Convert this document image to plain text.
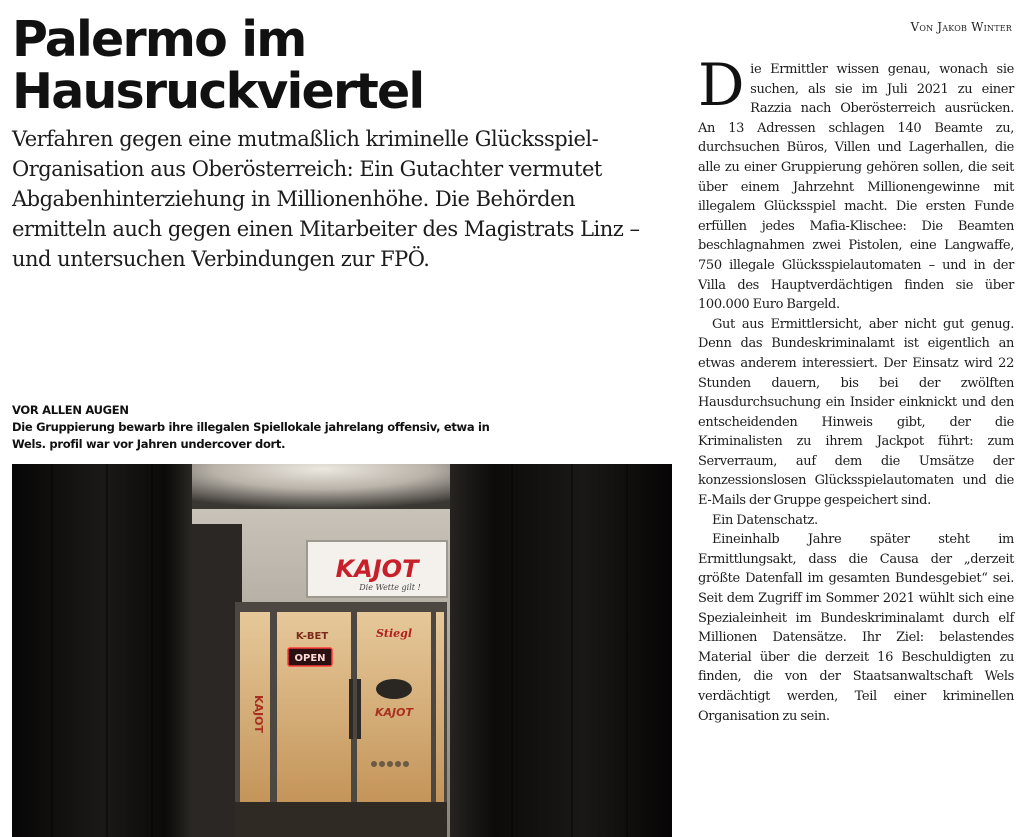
Palermo im
Hausruckviertel

Verfahren gegen eine mutmaßlich kriminelle Glücksspiel-Organisation aus Oberösterreich: Ein Gutachter vermutet Abgabenhinterziehung in Millionenhöhe. Die Behörden ermitteln auch gegen einen Mitarbeiter des Magistrats Linz – und untersuchen Verbindungen zur FPÖ.

VOR ALLEN AUGEN
Die Gruppierung bewarb ihre illegalen Spiellokale jahrelang offensiv, etwa in Wels. profil war vor Jahren undercover dort.
KAJOT
Die Wette gilt !
K-BET	Stiegl
OPEN
KAJOT
KAJOT
Von Jakob Winter

Die Ermittler wissen genau, wonach sie suchen, als sie im Juli 2021 zu einer Razzia nach Oberösterreich ausrücken. An 13 Adressen schlagen 140 Beamte zu, durchsuchen Büros, Villen und Lagerhallen, die alle zu einer Gruppierung gehören sollen, die seit über einem Jahrzehnt Millionengewinne mit illegalem Glücksspiel macht. Die ersten Funde erfüllen jedes Mafia-Klischee: Die Beamten beschlagnahmen zwei Pistolen, eine Langwaffe, 750 illegale Glücksspielautomaten – und in der Villa des Hauptverdächtigen finden sie über 100.000 Euro Bargeld.

Gut aus Ermittlersicht, aber nicht gut genug. Denn das Bundeskriminalamt ist eigentlich an etwas anderem interessiert. Der Einsatz wird 22 Stunden dauern, bis bei der zwölften Hausdurchsuchung ein Insider einknickt und den entscheidenden Hinweis gibt, der die Kriminalisten zu ihrem Jackpot führt: zum Serverraum, auf dem die Umsätze der konzessionslosen Glücksspielautomaten und die E-Mails der Gruppe gespeichert sind.

Ein Datenschatz.

Eineinhalb Jahre später steht im Ermittlungsakt, dass die Causa der „derzeit größte Datenfall im gesamten Bundesgebiet“ sei. Seit dem Zugriff im Sommer 2021 wühlt sich eine Spezialeinheit im Bundeskriminalamt durch elf Millionen Datensätze. Ihr Ziel: belastendes Material über die derzeit 16 Beschuldigten zu finden, die von der Staatsanwaltschaft Wels verdächtigt werden, Teil einer kriminellen Organisation zu sein.
